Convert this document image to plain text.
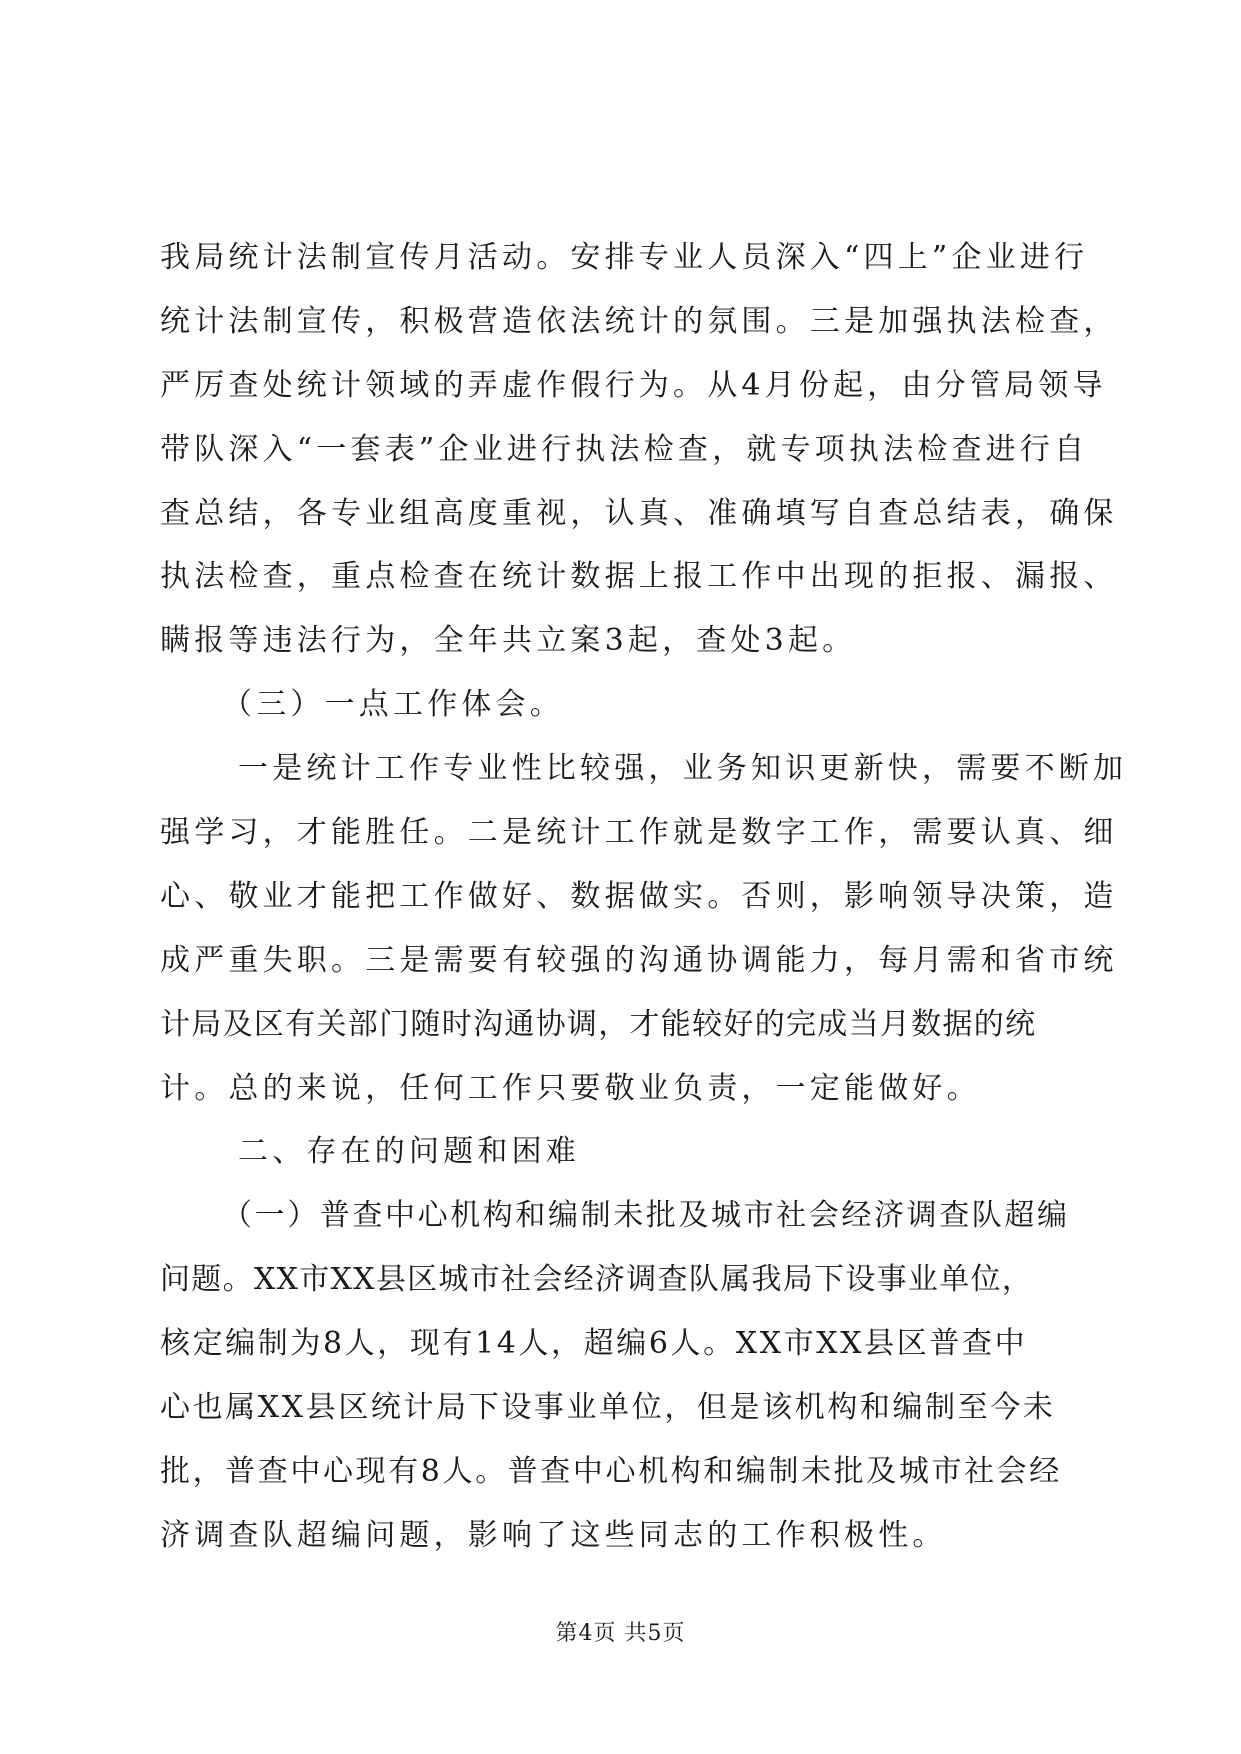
我局统计法制宣传月活动。安排专业人员深入“四上”企业进行
统计法制宣传，积极营造依法统计的氛围。三是加强执法检查，
严厉查处统计领域的弄虚作假行为。从4月份起，由分管局领导
带队深入“一套表”企业进行执法检查，就专项执法检查进行自
查总结，各专业组高度重视，认真、准确填写自查总结表，确保
执法检查，重点检查在统计数据上报工作中出现的拒报、漏报、
瞒报等违法行为，全年共立案3起，查处3起。
（三）一点工作体会。
一是统计工作专业性比较强，业务知识更新快，需要不断加
强学习，才能胜任。二是统计工作就是数字工作，需要认真、细
心、敬业才能把工作做好、数据做实。否则，影响领导决策，造
成严重失职。三是需要有较强的沟通协调能力，每月需和省市统
计局及区有关部门随时沟通协调，才能较好的完成当月数据的统
计。总的来说，任何工作只要敬业负责，一定能做好。
二、存在的问题和困难
（一）普查中心机构和编制未批及城市社会经济调查队超编
问题。XX市XX县区城市社会经济调查队属我局下设事业单位，
核定编制为8人，现有14人，超编6人。XX市XX县区普查中
心也属XX县区统计局下设事业单位，但是该机构和编制至今未
批，普查中心现有8人。普查中心机构和编制未批及城市社会经
济调查队超编问题，影响了这些同志的工作积极性。
第4页 共5页
